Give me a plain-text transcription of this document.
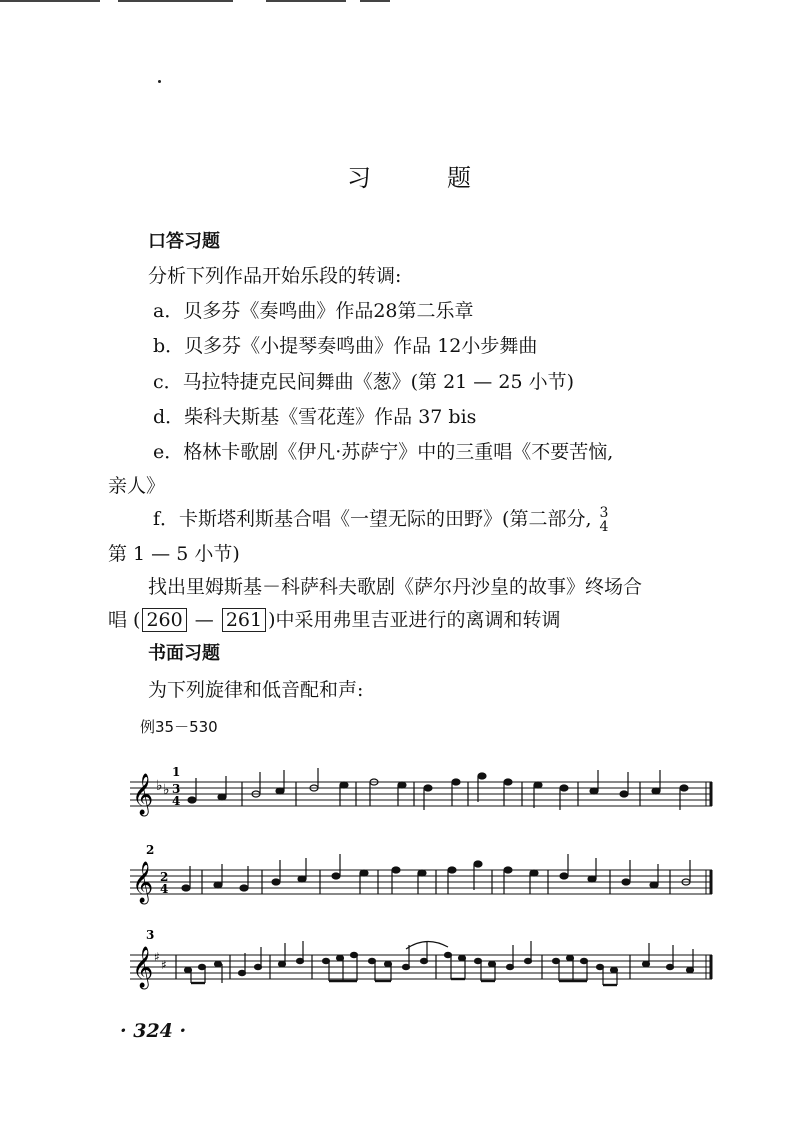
习	题
口答习题
分析下列作品开始乐段的转调:
a．贝多芬《奏鸣曲》作品28第二乐章
b．贝多芬《小提琴奏鸣曲》作品 12小步舞曲
c．马拉特捷克民间舞曲《葱》(第 21 — 25 小节)
d．柴科夫斯基《雪花莲》作品 37 bis
e．格林卡歌剧《伊凡·苏萨宁》中的三重唱《不要苦恼,
亲人》
f．卡斯塔利斯基合唱《一望无际的田野》(第二部分, 3
4
第 1 — 5 小节)
找出里姆斯基－科萨科夫歌剧《萨尔丹沙皇的故事》终场合
唱 ( 260 — 261 )中采用弗里吉亚进行的离调和转调
书面习题
为下列旋律和低音配和声:
例35－530
𝄞 ♭ ♭
1
3
4
𝄞
2
2
4
𝄞 ♯
♯
3
· 324 ·
